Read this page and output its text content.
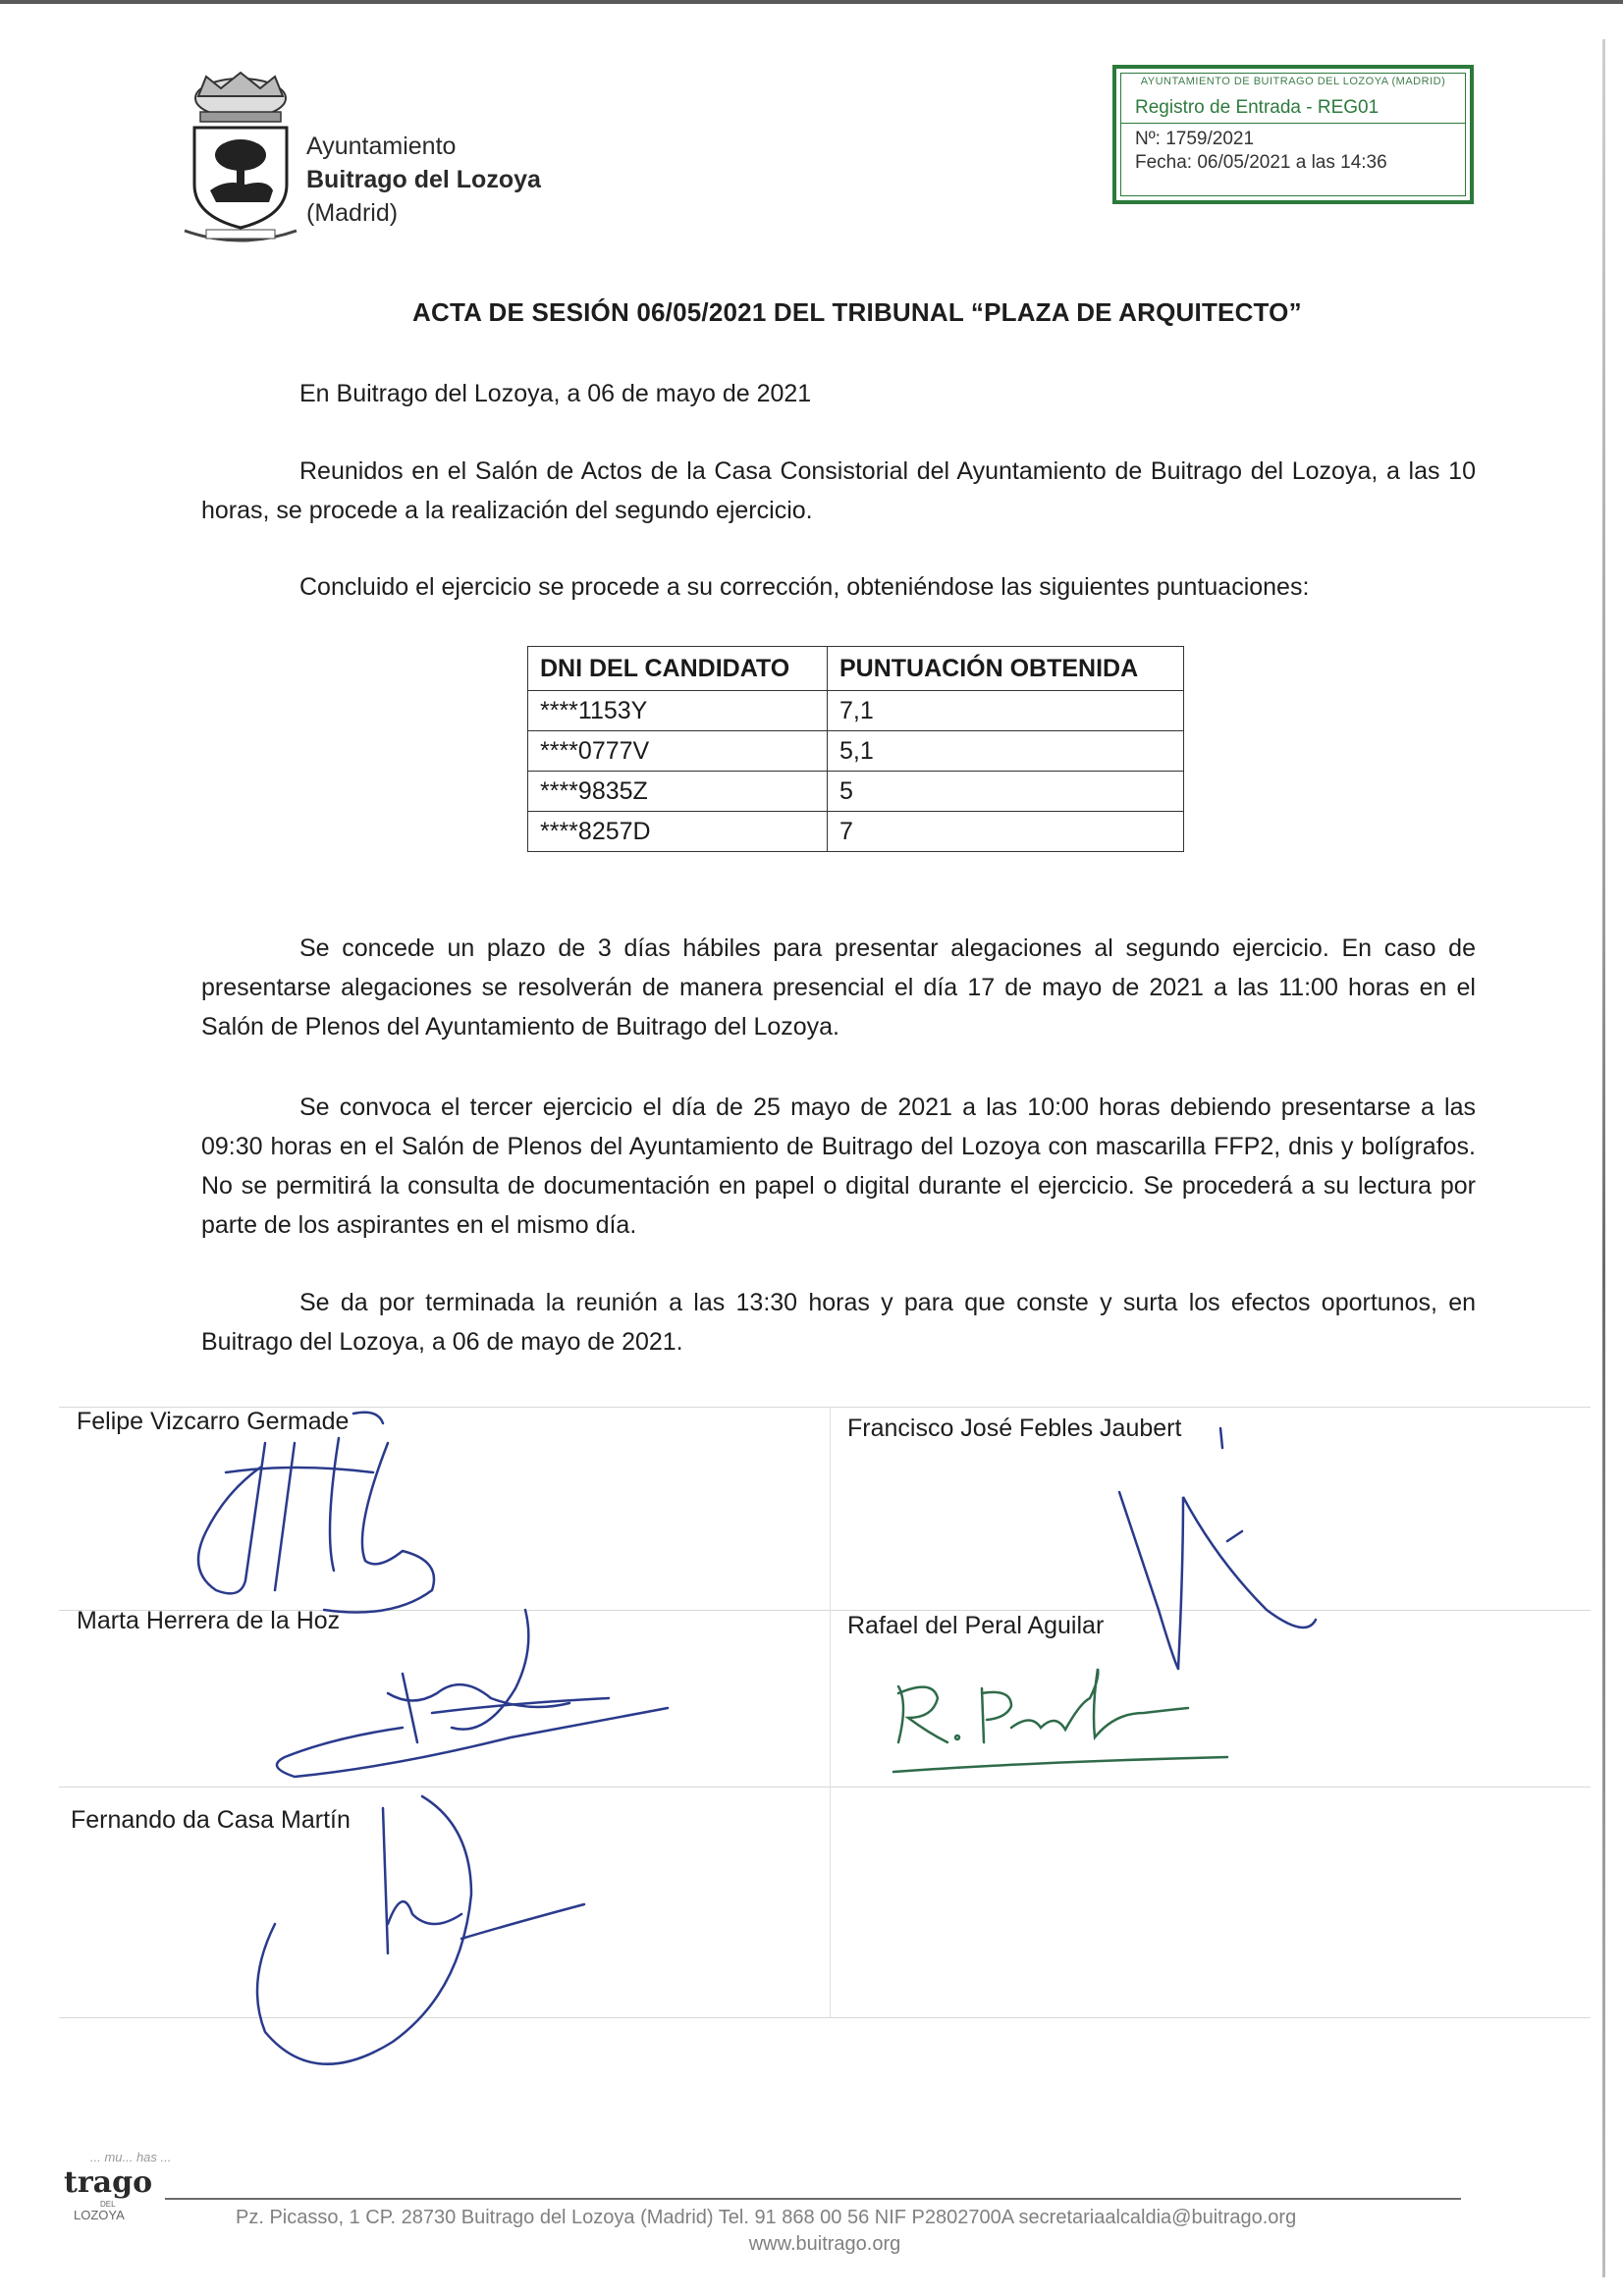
Ayuntamiento
Buitrago del Lozoya
(Madrid)
AYUNTAMIENTO DE BUITRAGO DEL LOZOYA (MADRID)
Registro de Entrada - REG01
Nº: 1759/2021
Fecha: 06/05/2021 a las 14:36
ACTA DE SESIÓN 06/05/2021 DEL TRIBUNAL “PLAZA DE ARQUITECTO”
En Buitrago del Lozoya, a 06 de mayo de 2021
Reunidos en el Salón de Actos de la Casa Consistorial del Ayuntamiento de Buitrago del Lozoya, a las 10 horas, se procede a la realización del segundo ejercicio.
Concluido el ejercicio se procede a su corrección, obteniéndose las siguientes puntuaciones:
DNI DEL CANDIDATO	PUNTUACIÓN OBTENIDA
****1153Y	7,1
****0777V	5,1
****9835Z	5
****8257D	7
Se concede un plazo de 3 días hábiles para presentar alegaciones al segundo ejercicio. En caso de presentarse alegaciones se resolverán de manera presencial el día 17 de mayo de 2021 a las 11:00 horas en el Salón de Plenos del Ayuntamiento de Buitrago del Lozoya.
Se convoca el tercer ejercicio el día de 25 mayo de 2021 a las 10:00 horas debiendo presentarse a las 09:30 horas en el Salón de Plenos del Ayuntamiento de Buitrago del Lozoya con mascarilla FFP2, dnis y bolígrafos. No se permitirá la consulta de documentación en papel o digital durante el ejercicio. Se procederá a su lectura por parte de los aspirantes en el mismo día.
Se da por terminada la reunión a las 13:30 horas y para que conste y surta los efectos oportunos, en Buitrago del Lozoya, a 06 de mayo de 2021.
Felipe Vizcarro Germade	Francisco José Febles Jaubert
Marta Herrera de la Hoz	Rafael del Peral Aguilar
Fernando da Casa Martín
... mu... has ...
trago
DEL
LOZOYA	Pz. Picasso, 1 CP. 28730 Buitrago del Lozoya (Madrid) Tel. 91 868 00 56 NIF P2802700A secretariaalcaldia@buitrago.org
www.buitrago.org
